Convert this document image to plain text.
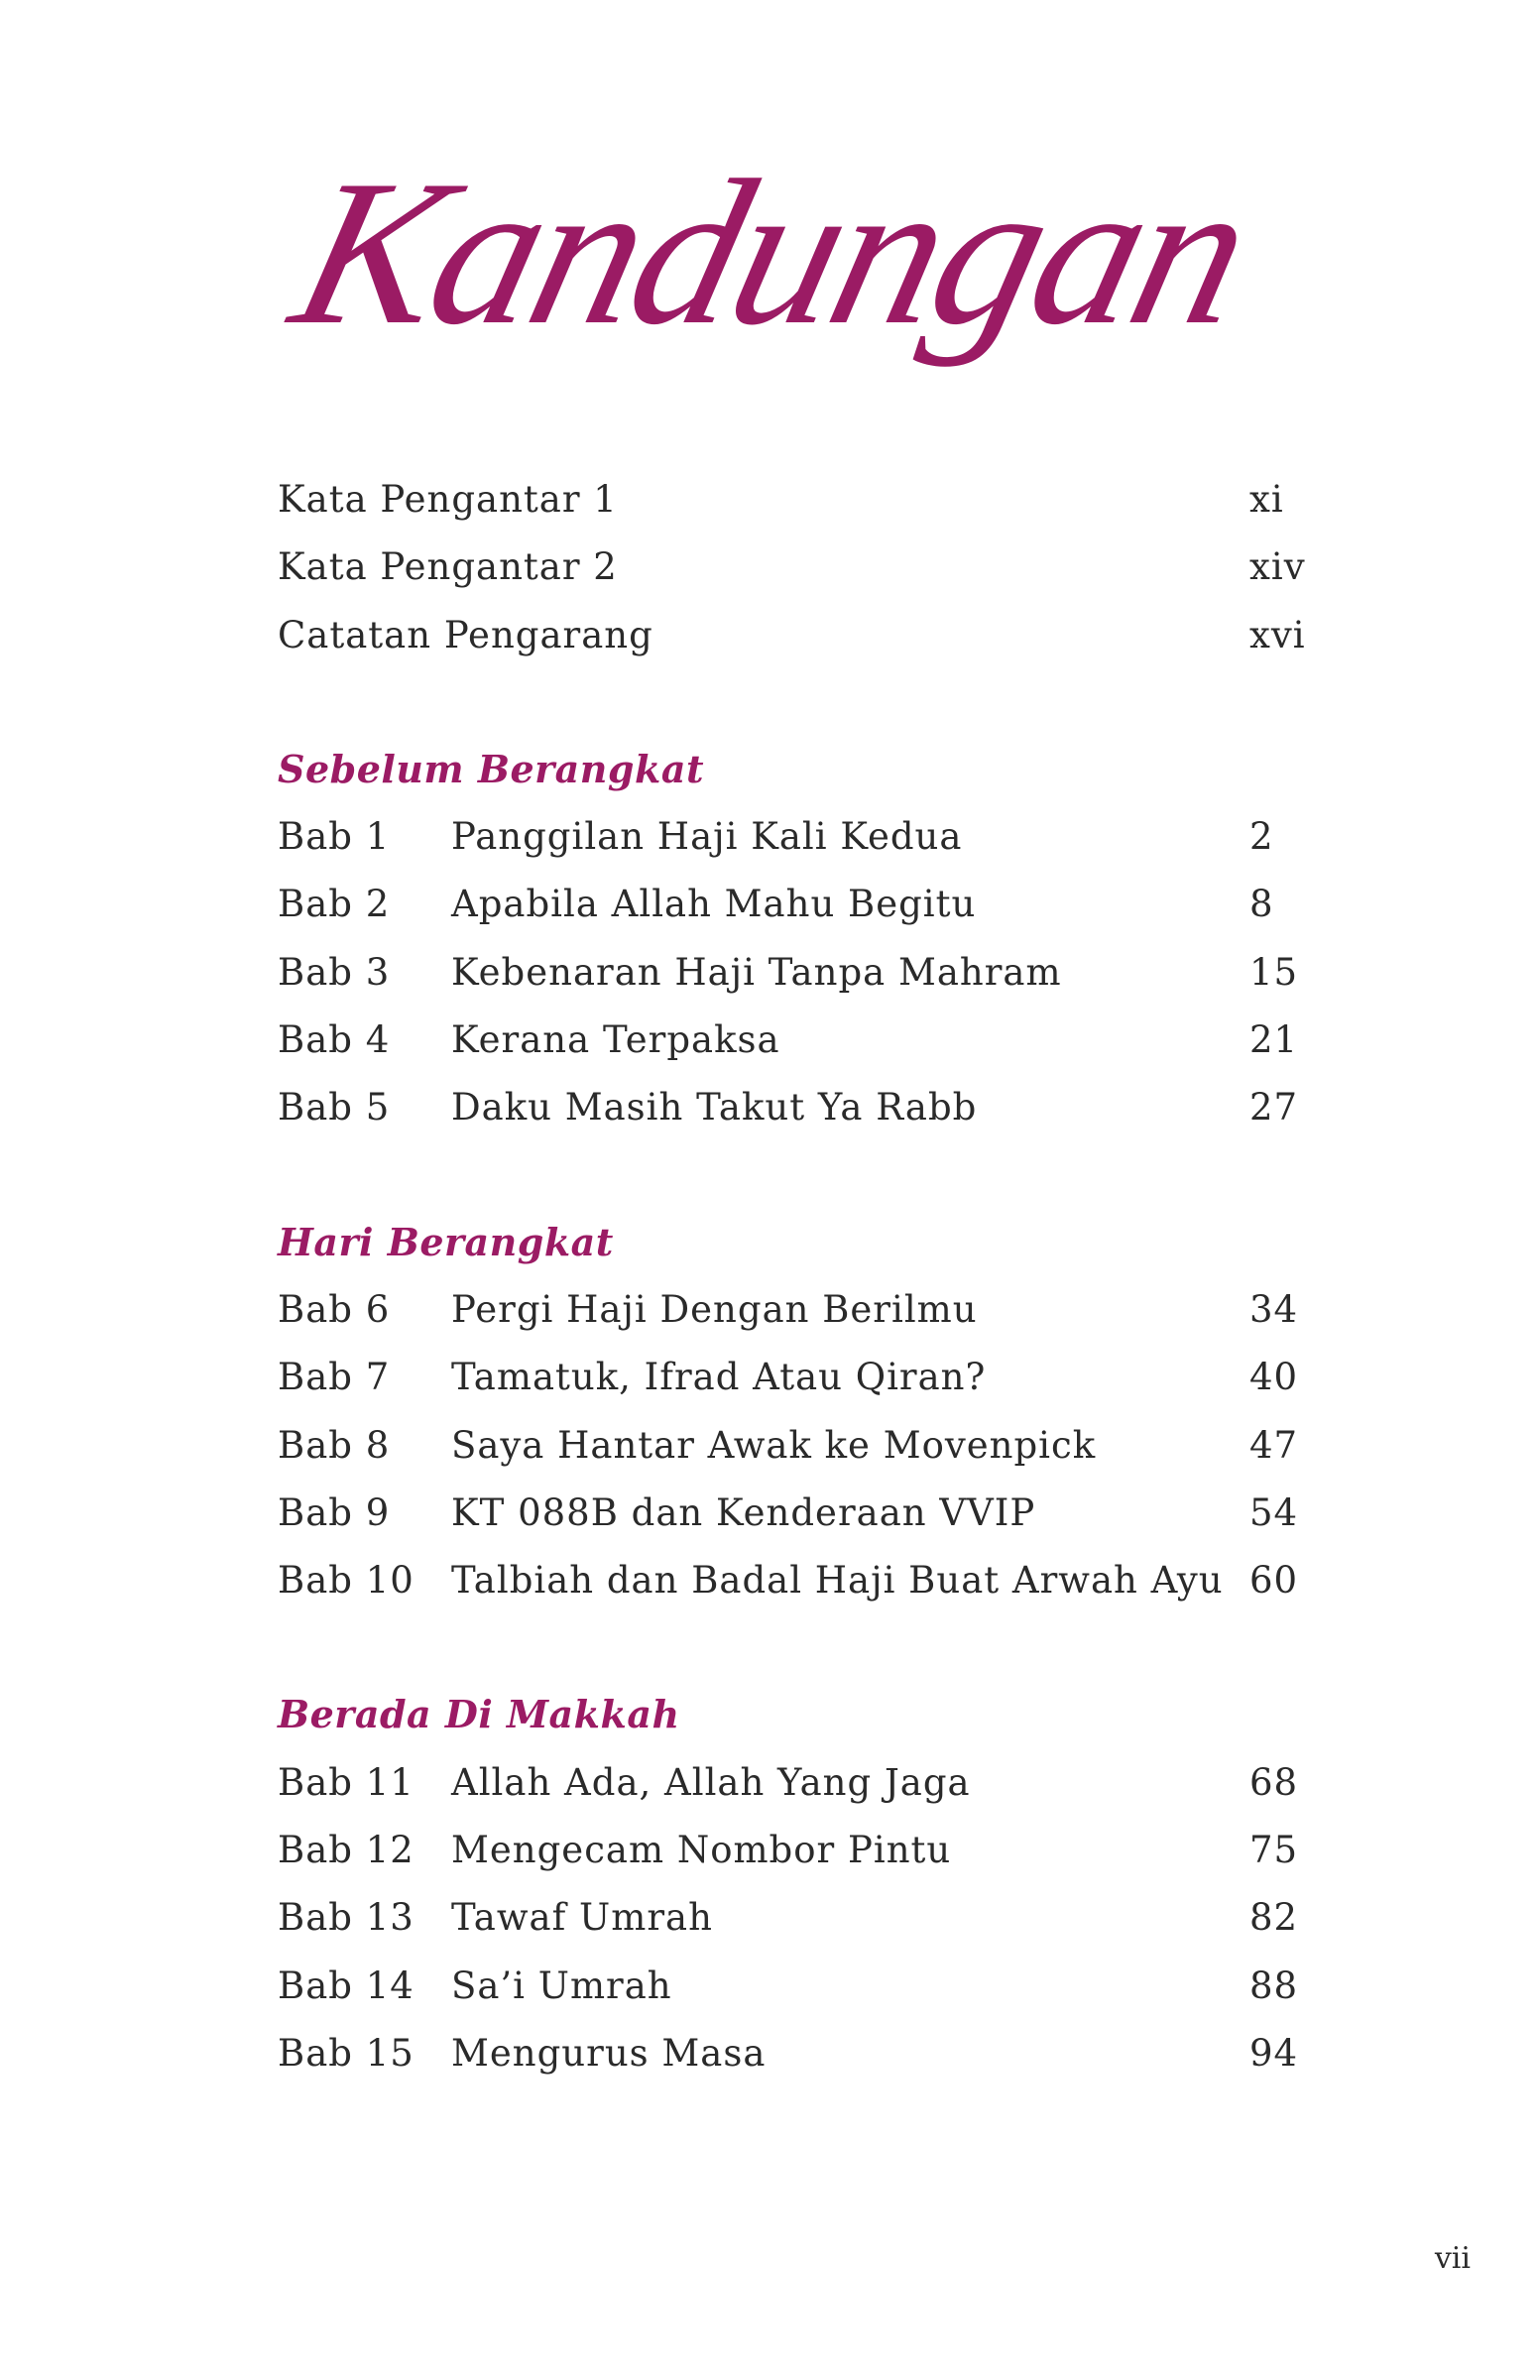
Kandungan
Kata Pengantar 1	xi
Kata Pengantar 2	xiv
Catatan Pengarang	xvi
Sebelum Berangkat
Bab 1 Panggilan Haji Kali Kedua	2
Bab 2 Apabila Allah Mahu Begitu	8
Bab 3 Kebenaran Haji Tanpa Mahram	15
Bab 4 Kerana Terpaksa	21
Bab 5 Daku Masih Takut Ya Rabb	27
Hari Berangkat
Bab 6 Pergi Haji Dengan Berilmu	34
Bab 7 Tamatuk, Ifrad Atau Qiran?	40
Bab 8 Saya Hantar Awak ke Movenpick	47
Bab 9 KT 088B dan Kenderaan VVIP	54
Bab 10 Talbiah dan Badal Haji Buat Arwah Ayu 60
Berada Di Makkah
Bab 11 Allah Ada, Allah Yang Jaga	68
Bab 12 Mengecam Nombor Pintu	75
Bab 13 Tawaf Umrah	82
Bab 14 Sa’i Umrah	88
Bab 15 Mengurus Masa	94
vii
